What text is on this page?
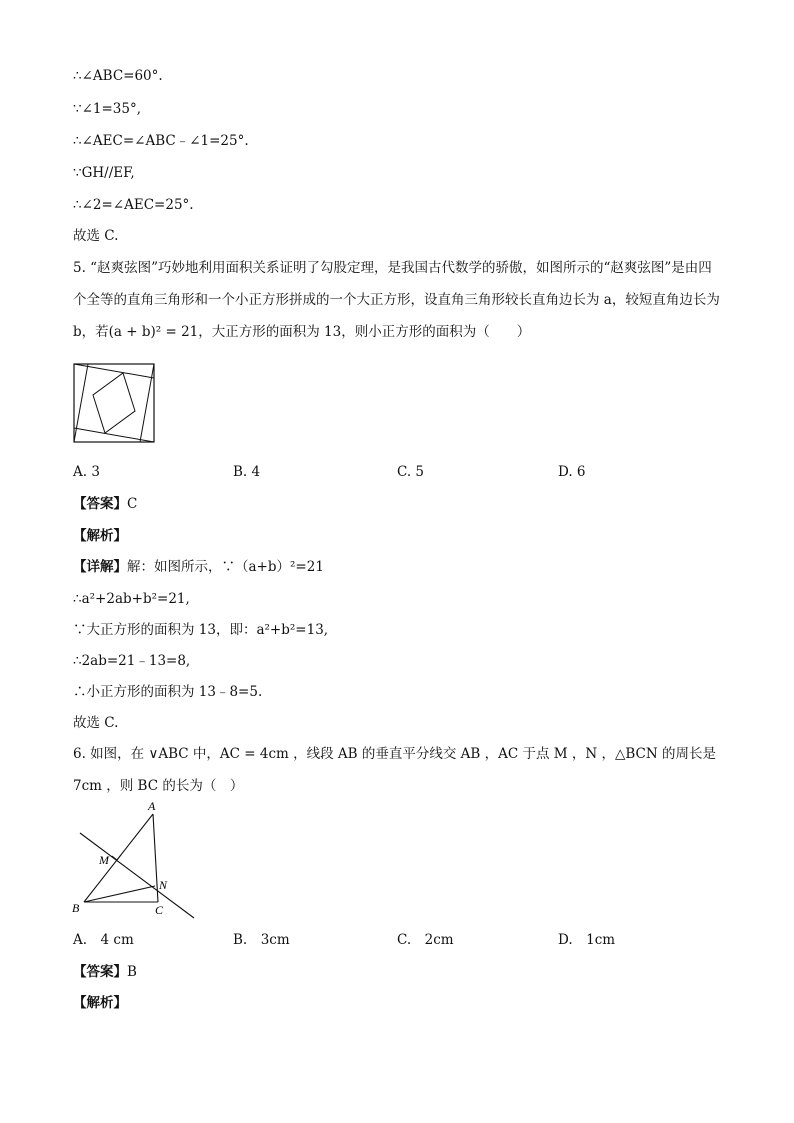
∴∠ABC=60°.
∵∠1=35°,
∴∠AEC=∠ABC﹣∠1=25°.
∵GH//EF,
∴∠2=∠AEC=25°.
故选 C.
5. “赵爽弦图”巧妙地利用面积关系证明了勾股定理，是我国古代数学的骄傲，如图所示的“赵爽弦图”是由四个全等的直角三角形和一个小正方形拼成的一个大正方形，设直角三角形较长直角边长为 a，较短直角边长为 b，若(a + b)² = 21，大正方形的面积为 13，则小正方形的面积为（　　）
A. 3	B. 4	C. 5	D. 6
【答案】C
【解析】
【详解】解：如图所示，∵（a+b）²=21
∴a²+2ab+b²=21,
∵大正方形的面积为 13，即：a²+b²=13,
∴2ab=21﹣13=8,
∴小正方形的面积为 13﹣8=5.
故选 C.
6. 如图，在 ∨ABC 中，AC = 4cm ，线段 AB 的垂直平分线交 AB ，AC 于点 M ，N ，△BCN 的周长是 7cm ，则 BC 的长为（　）
A
M
N
B	C
A.　4 cm	B.　3cm	C.　2cm	D.　1cm
【答案】B
【解析】
